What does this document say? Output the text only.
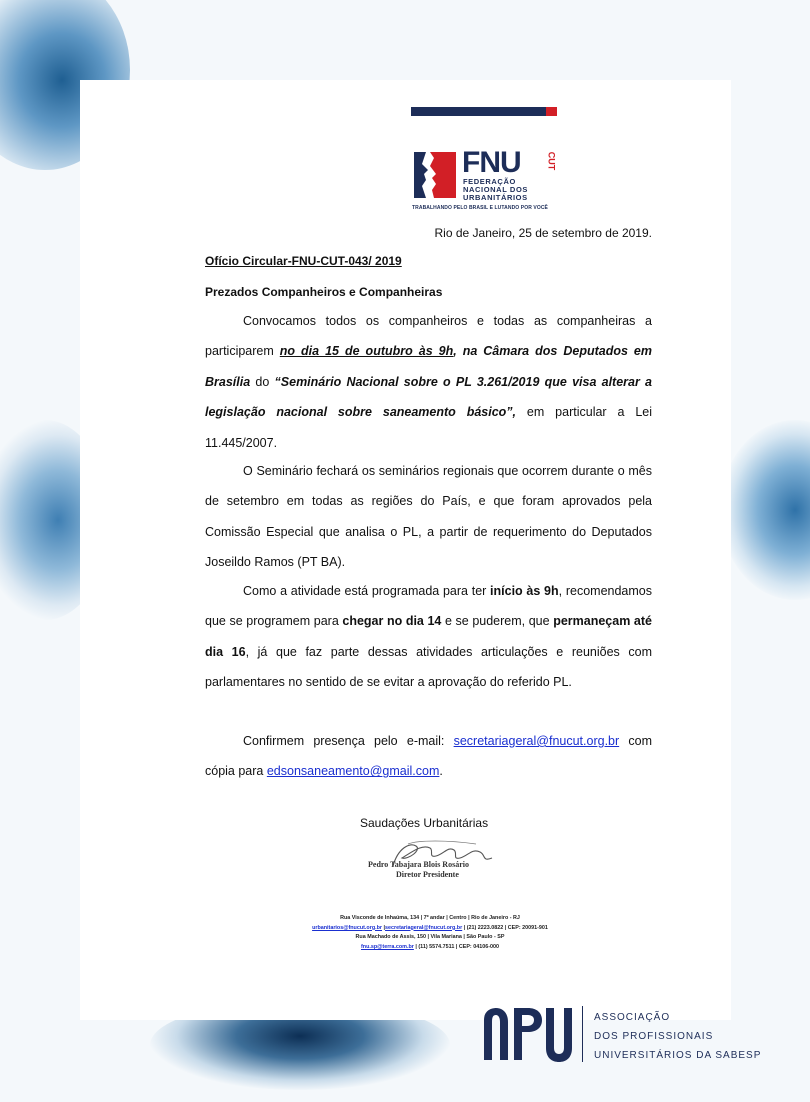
FNU	CUT
FEDERAÇÃO
NACIONAL DOS
URBANITÁRIOS
TRABALHANDO PELO BRASIL E LUTANDO POR VOCÊ
Rio de Janeiro, 25 de setembro de 2019.
Ofício Circular-FNU-CUT-043/ 2019
Prezados Companheiros e Companheiras
Convocamos todos os companheiros e todas as companheiras a participarem no dia 15 de outubro às 9h, na Câmara dos Deputados em Brasília do “Seminário Nacional sobre o PL 3.261/2019 que visa alterar a legislação nacional sobre saneamento básico”, em particular a Lei 11.445/2007.
O Seminário fechará os seminários regionais que ocorrem durante o mês de setembro em todas as regiões do País, e que foram aprovados pela Comissão Especial que analisa o PL, a partir de requerimento do Deputados Joseildo Ramos (PT BA).
Como a atividade está programada para ter início às 9h, recomendamos que se programem para chegar no dia 14 e se puderem, que permaneçam até dia 16, já que faz parte dessas atividades articulações e reuniões com parlamentares no sentido de se evitar a aprovação do referido PL.
Confirmem presença pelo e-mail: secretariageral@fnucut.org.br com cópia para edsonsaneamento@gmail.com.
Saudações Urbanitárias
Pedro Tabajara Blois Rosário
Diretor Presidente
Rua Visconde de Inhaúma, 134 | 7º andar | Centro | Rio de Janeiro - RJ
urbanitarios@fnucut.org.br |secretariageral@fnucut.org.br | (21) 2223.0822 | CEP: 20091-901
Rua Machado de Assis, 150 | Vila Mariana | São Paulo - SP
fnu.sp@terra.com.br | (11) 5574.7511 | CEP: 04106-000
ASSOCIAÇÃO
DOS PROFISSIONAIS
UNIVERSITÁRIOS DA SABESP
